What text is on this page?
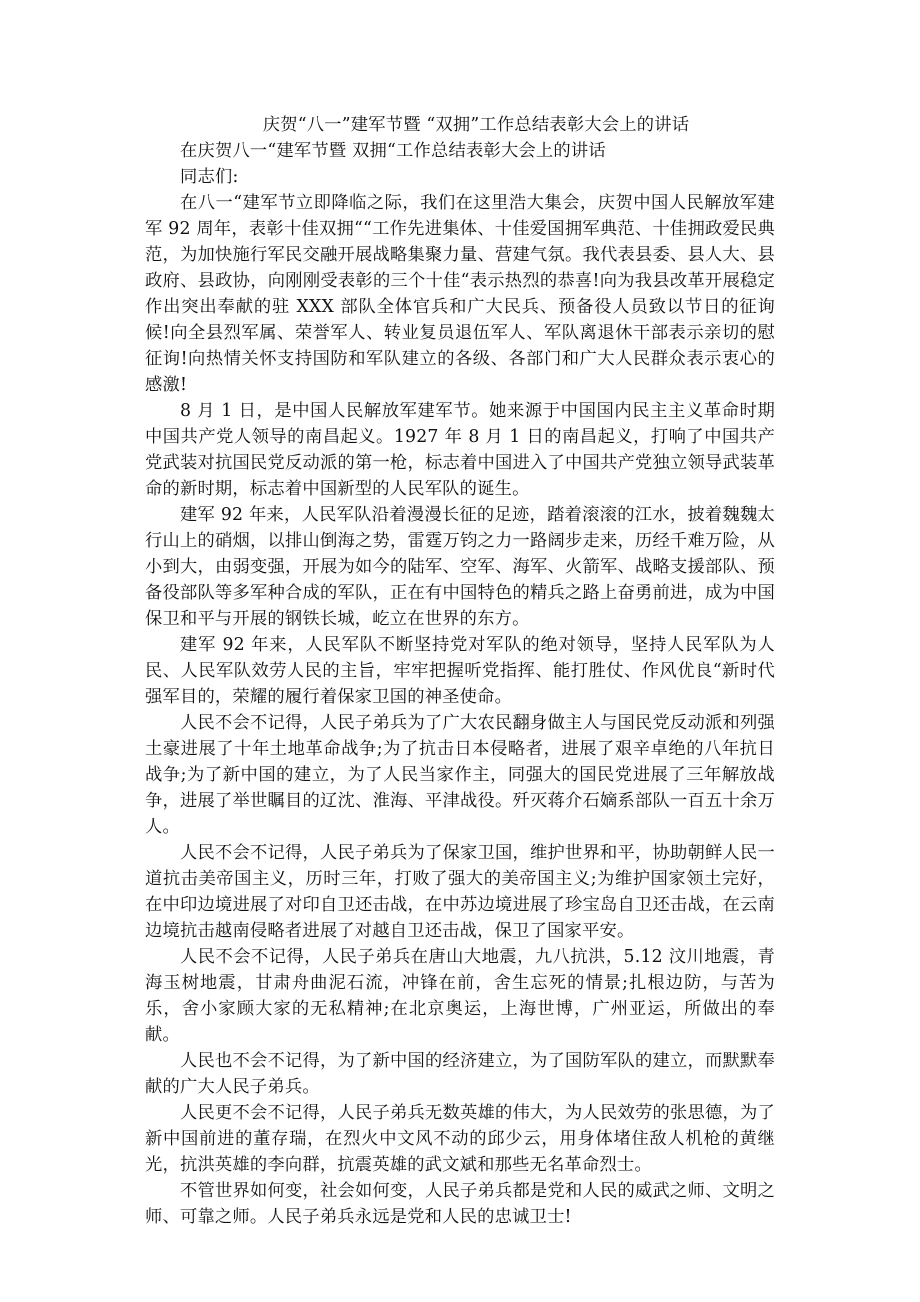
庆贺“八一”建军节暨 “双拥”工作总结表彰大会上的讲话
在庆贺八一“建军节暨 双拥“工作总结表彰大会上的讲话
同志们:

在八一“建军节立即降临之际，我们在这里浩大集会，庆贺中国人民解放军建军 92 周年，表彰十佳双拥““工作先进集体、十佳爱国拥军典范、十佳拥政爱民典范，为加快施行军民交融开展战略集聚力量、营建气氛。我代表县委、县人大、县政府、县政协，向刚刚受表彰的三个十佳“表示热烈的恭喜!向为我县改革开展稳定作出突出奉献的驻 XXX 部队全体官兵和广大民兵、预备役人员致以节日的征询候!向全县烈军属、荣誉军人、转业复员退伍军人、军队离退休干部表示亲切的慰征询!向热情关怀支持国防和军队建立的各级、各部门和广大人民群众表示衷心的感激!

8 月 1 日，是中国人民解放军建军节。她来源于中国国内民主主义革命时期中国共产党人领导的南昌起义。1927 年 8 月 1 日的南昌起义，打响了中国共产党武装对抗国民党反动派的第一枪，标志着中国进入了中国共产党独立领导武装革命的新时期，标志着中国新型的人民军队的诞生。

建军 92 年来，人民军队沿着漫漫长征的足迹，踏着滚滚的江水，披着魏魏太行山上的硝烟，以排山倒海之势，雷霆万钧之力一路阔步走来，历经千难万险，从小到大，由弱变强，开展为如今的陆军、空军、海军、火箭军、战略支援部队、预备役部队等多军种合成的军队，正在有中国特色的精兵之路上奋勇前进，成为中国保卫和平与开展的钢铁长城，屹立在世界的东方。

建军 92 年来，人民军队不断坚持党对军队的绝对领导，坚持人民军队为人民、人民军队效劳人民的主旨，牢牢把握听党指挥、能打胜仗、作风优良“新时代强军目的，荣耀的履行着保家卫国的神圣使命。

人民不会不记得，人民子弟兵为了广大农民翻身做主人与国民党反动派和列强土豪进展了十年土地革命战争;为了抗击日本侵略者，进展了艰辛卓绝的八年抗日战争;为了新中国的建立，为了人民当家作主，同强大的国民党进展了三年解放战争，进展了举世瞩目的辽沈、淮海、平津战役。歼灭蒋介石嫡系部队一百五十余万人。

人民不会不记得，人民子弟兵为了保家卫国，维护世界和平，协助朝鲜人民一道抗击美帝国主义，历时三年，打败了强大的美帝国主义;为维护国家领土完好，在中印边境进展了对印自卫还击战，在中苏边境进展了珍宝岛自卫还击战，在云南边境抗击越南侵略者进展了对越自卫还击战，保卫了国家平安。

人民不会不记得，人民子弟兵在唐山大地震，九八抗洪，5.12 汶川地震，青海玉树地震，甘肃舟曲泥石流，冲锋在前，舍生忘死的情景;扎根边防，与苦为乐，舍小家顾大家的无私精神;在北京奥运，上海世博，广州亚运，所做出的奉献。

人民也不会不记得，为了新中国的经济建立，为了国防军队的建立，而默默奉献的广大人民子弟兵。

人民更不会不记得，人民子弟兵无数英雄的伟大，为人民效劳的张思德，为了新中国前进的董存瑞，在烈火中文风不动的邱少云，用身体堵住敌人机枪的黄继光，抗洪英雄的李向群，抗震英雄的武文斌和那些无名革命烈士。

不管世界如何变，社会如何变，人民子弟兵都是党和人民的威武之师、文明之师、可靠之师。人民子弟兵永远是党和人民的忠诚卫士!
